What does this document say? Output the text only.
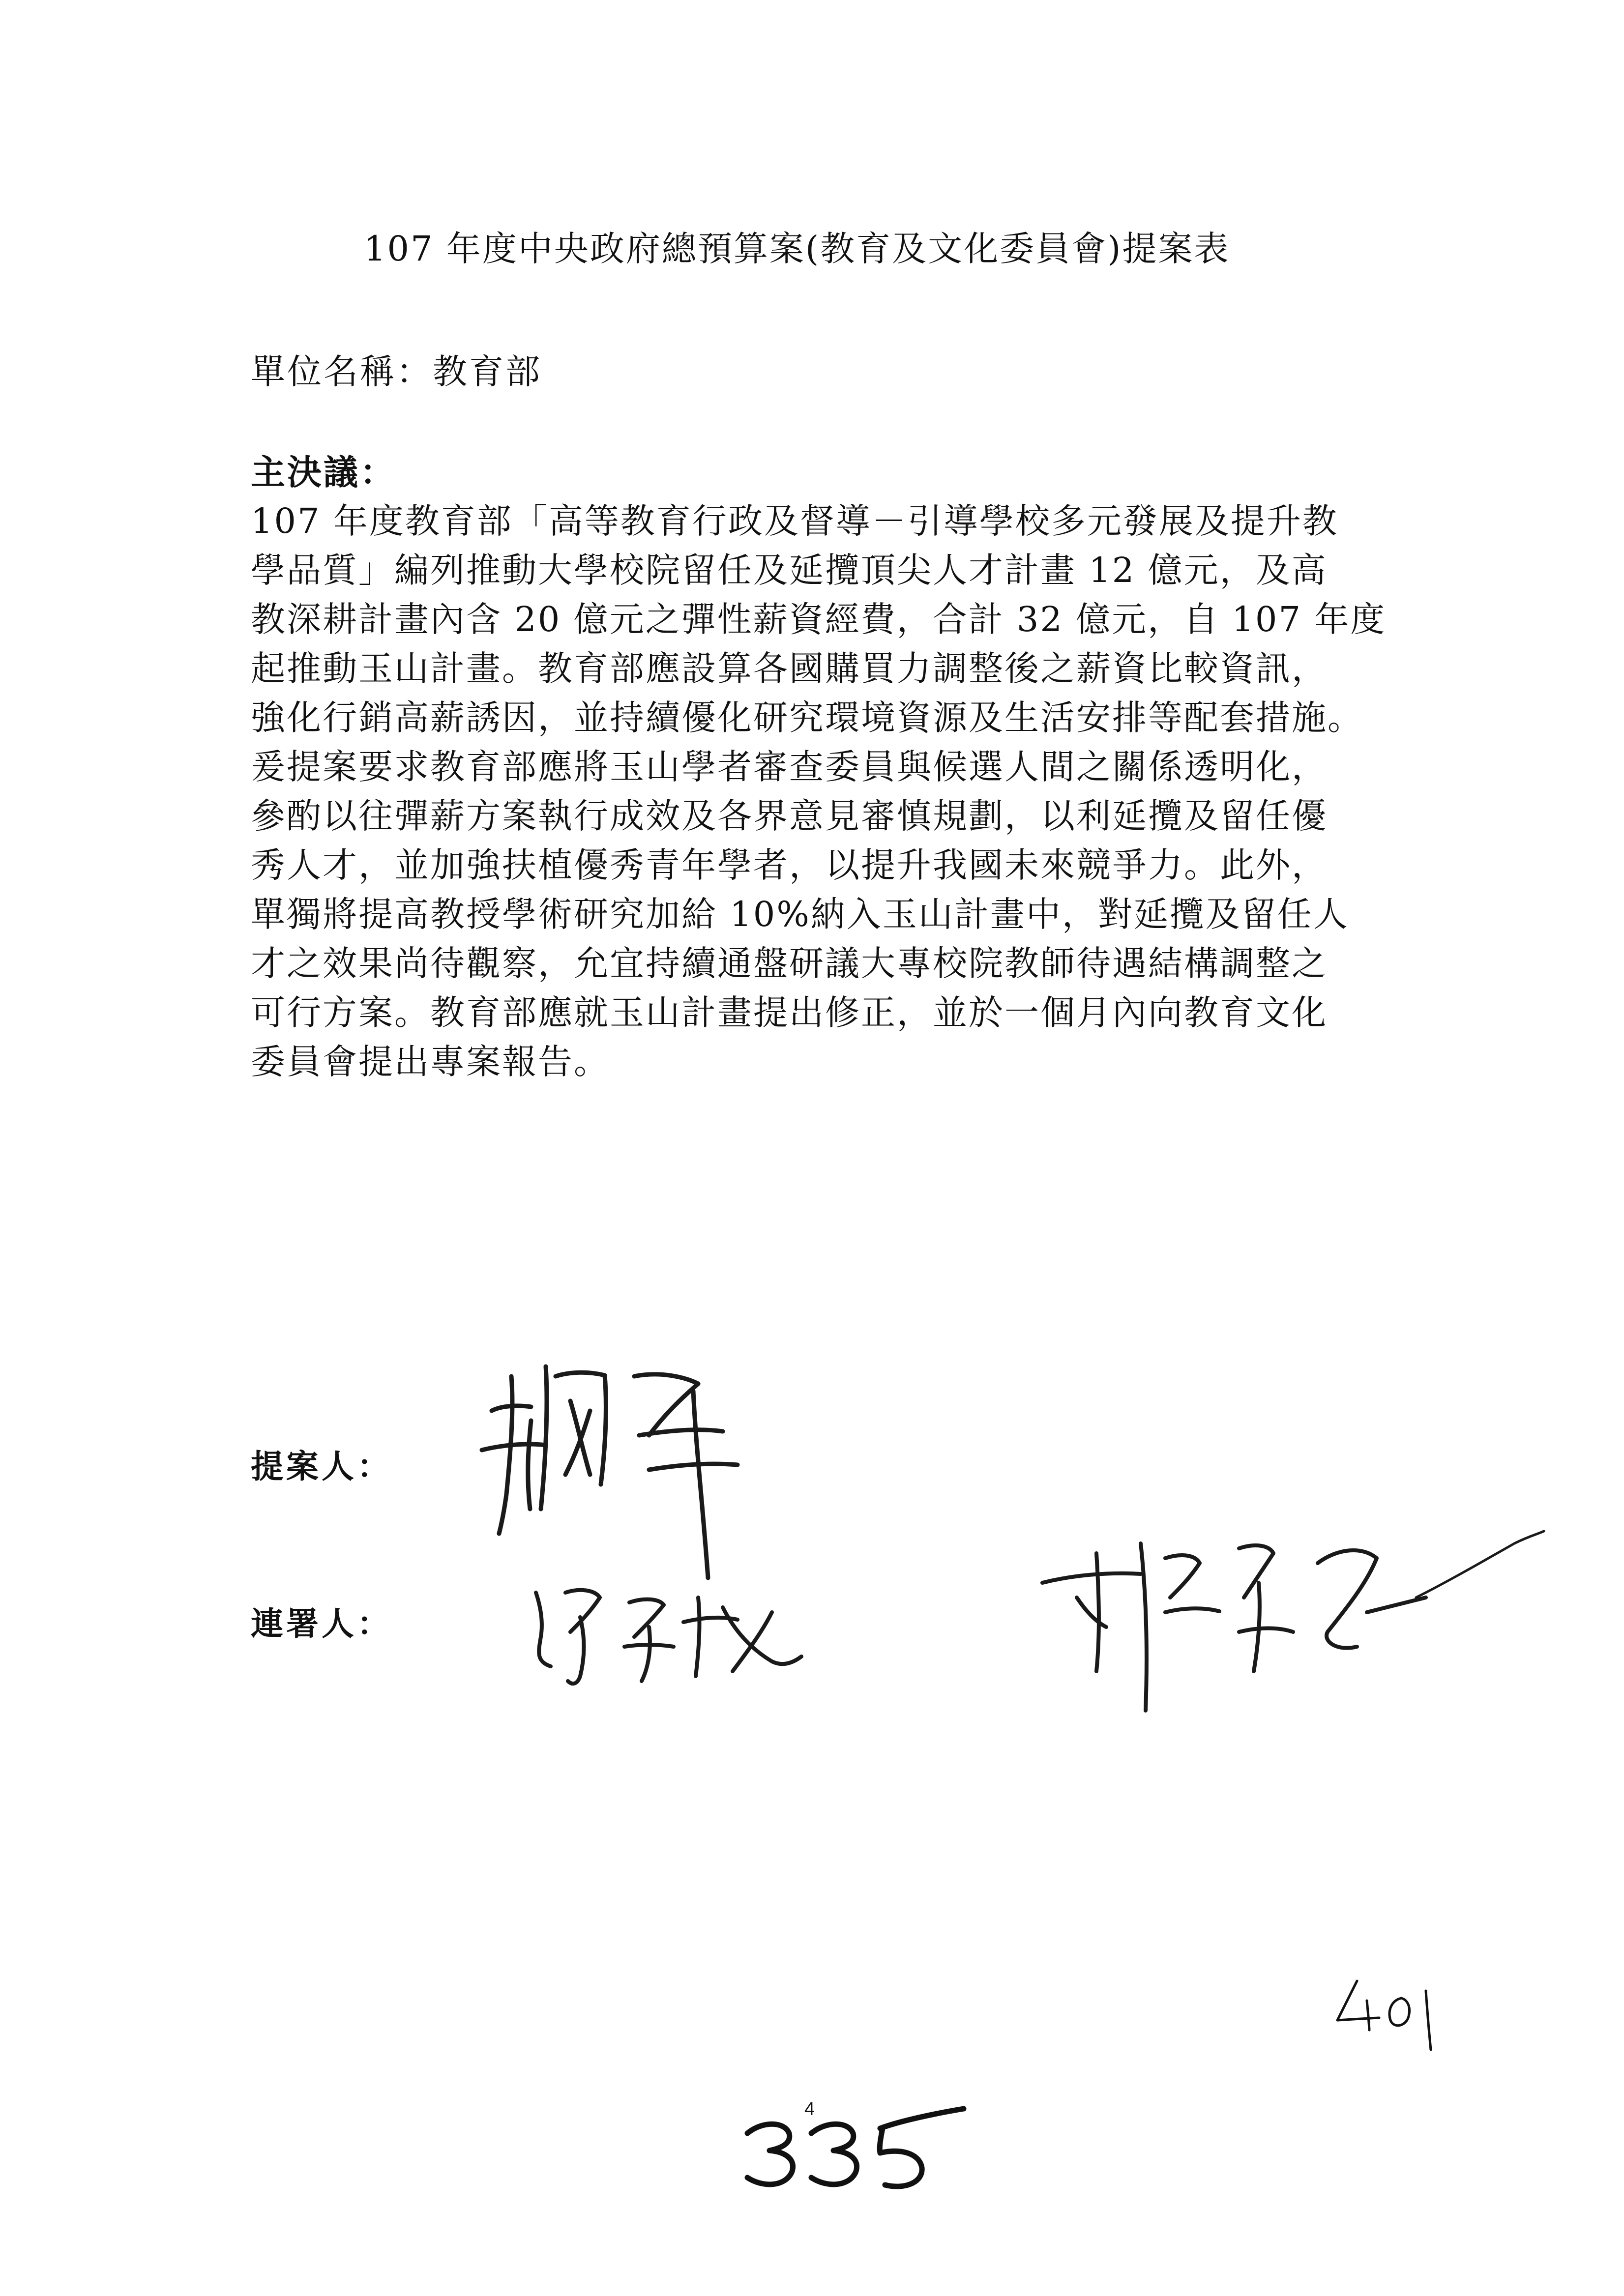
107 年度中央政府總預算案(教育及文化委員會)提案表
單位名稱：教育部
主決議：
107 年度教育部「高等教育行政及督導－引導學校多元發展及提升教
學品質」編列推動大學校院留任及延攬頂尖人才計畫 12 億元，及高
教深耕計畫內含 20 億元之彈性薪資經費，合計 32 億元，自 107 年度
起推動玉山計畫。教育部應設算各國購買力調整後之薪資比較資訊，
強化行銷高薪誘因，並持續優化研究環境資源及生活安排等配套措施。
爰提案要求教育部應將玉山學者審查委員與候選人間之關係透明化，
參酌以往彈薪方案執行成效及各界意見審慎規劃，以利延攬及留任優
秀人才，並加強扶植優秀青年學者，以提升我國未來競爭力。此外，
單獨將提高教授學術研究加給 10%納入玉山計畫中，對延攬及留任人
才之效果尚待觀察，允宜持續通盤研議大專校院教師待遇結構調整之
可行方案。教育部應就玉山計畫提出修正，並於一個月內向教育文化
委員會提出專案報告。
提案人：
連署人：
4
